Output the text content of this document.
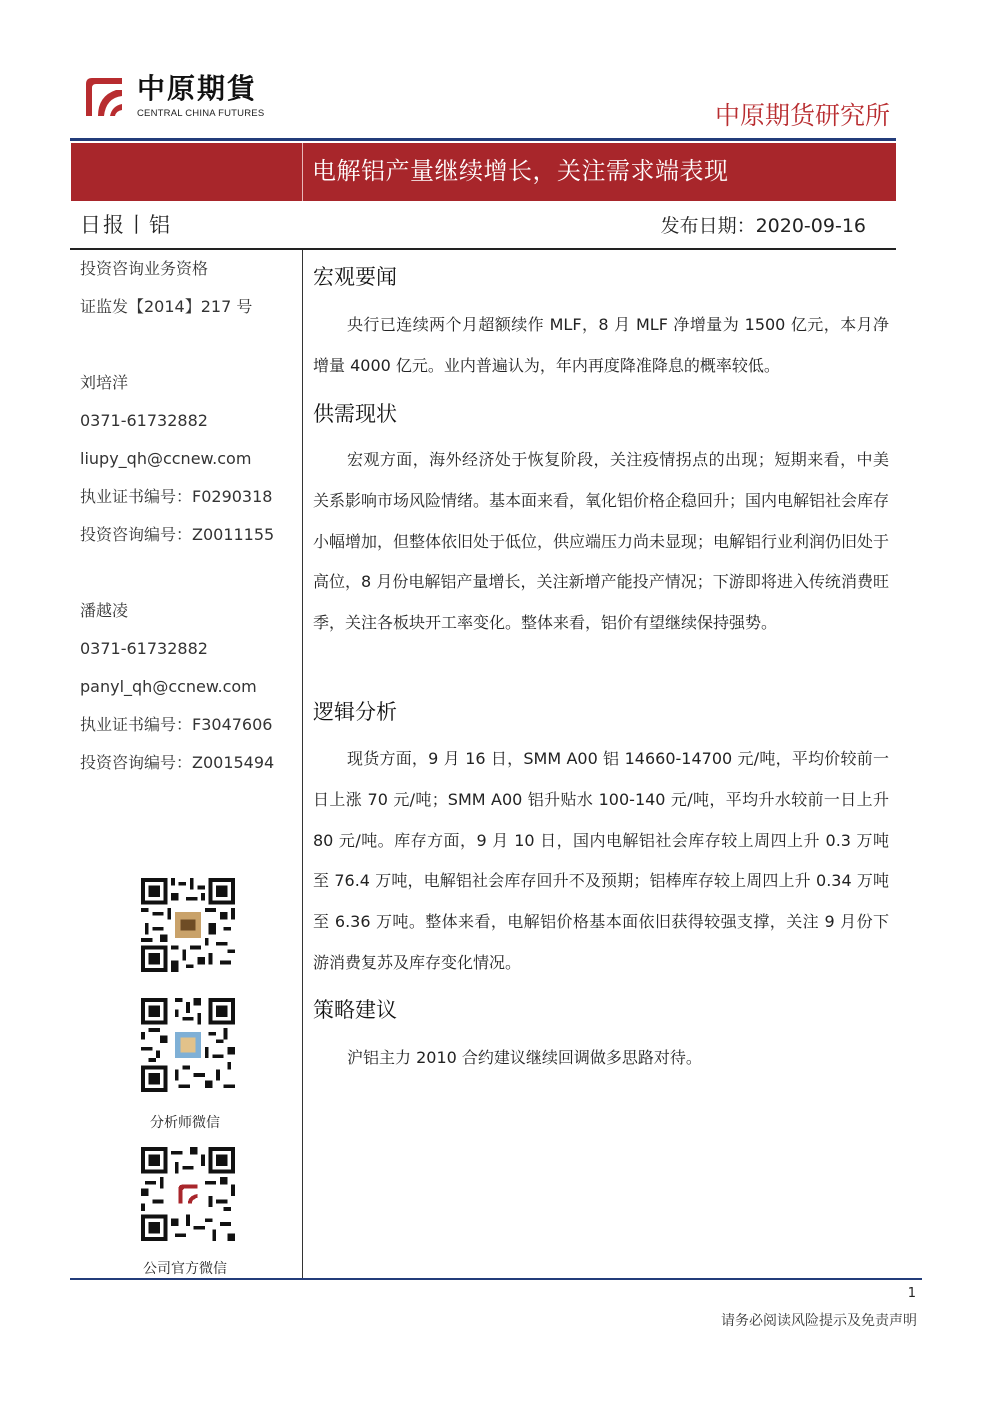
中原期貨
CENTRAL CHINA FUTURES	中原期货研究所
电解铝产量继续增长，关注需求端表现
日报丨铝	发布日期：2020-09-16
投资咨询业务资格
证监发【2014】217 号
刘培洋
0371-61732882
liupy_qh@ccnew.com
执业证书编号：F0290318
投资咨询编号：Z0011155
潘越凌
0371-61732882
panyl_qh@ccnew.com
执业证书编号：F3047606
投资咨询编号：Z0015494
分析师微信
公司官方微信
宏观要闻
央行已连续两个月超额续作 MLF，8 月 MLF 净增量为 1500 亿元，本月净增量 4000 亿元。业内普遍认为，年内再度降准降息的概率较低。
供需现状
宏观方面，海外经济处于恢复阶段，关注疫情拐点的出现；短期来看，中美关系影响市场风险情绪。基本面来看，氧化铝价格企稳回升；国内电解铝社会库存小幅增加，但整体依旧处于低位，供应端压力尚未显现；电解铝行业利润仍旧处于高位，8 月份电解铝产量增长，关注新增产能投产情况；下游即将进入传统消费旺季，关注各板块开工率变化。整体来看，铝价有望继续保持强势。
逻辑分析
现货方面，9 月 16 日，SMM A00 铝 14660-14700 元/吨，平均价较前一日上涨 70 元/吨；SMM A00 铝升贴水 100-140 元/吨，平均升水较前一日上升 80 元/吨。库存方面，9 月 10 日，国内电解铝社会库存较上周四上升 0.3 万吨至 76.4 万吨，电解铝社会库存回升不及预期；铝棒库存较上周四上升 0.34 万吨至 6.36 万吨。整体来看，电解铝价格基本面依旧获得较强支撑，关注 9 月份下游消费复苏及库存变化情况。
策略建议
沪铝主力 2010 合约建议继续回调做多思路对待。
1
请务必阅读风险提示及免责声明
